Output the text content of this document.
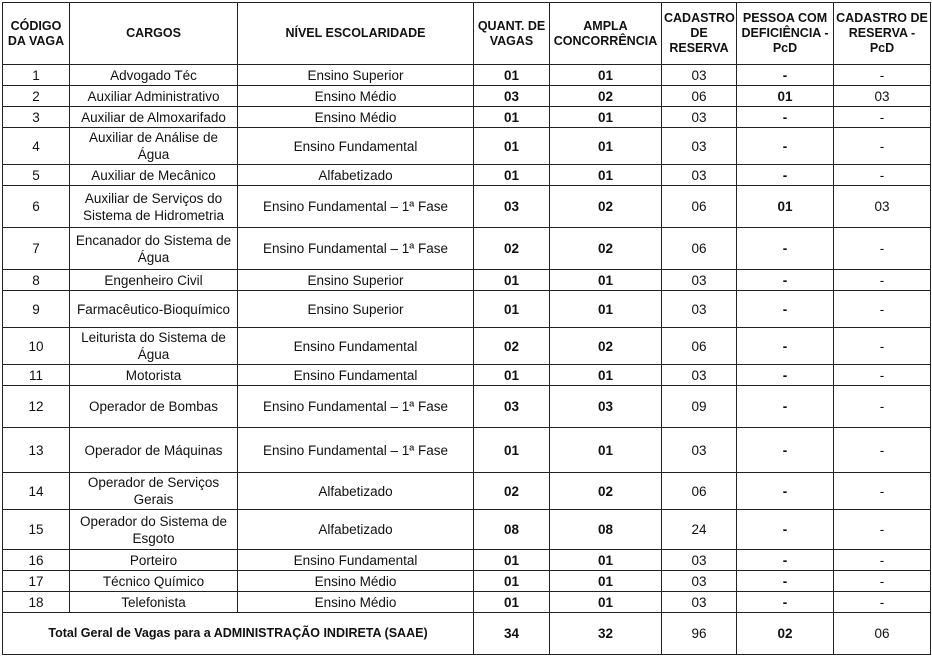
CÓDIGO DA VAGA	CARGOS	NÍVEL ESCOLARIDADE	QUANT. DE VAGAS	AMPLA CONCORRÊNCIA	CADASTRO DE RESERVA	PESSOA COM DEFICIÊNCIA - PcD	CADASTRO DE RESERVA - PcD
1	Advogado Téc	Ensino Superior	01	01	03	-	-
2	Auxiliar Administrativo	Ensino Médio	03	02	06	01	03
3	Auxiliar de Almoxarifado	Ensino Médio	01	01	03	-	-
4	Auxiliar de Análise de Água	Ensino Fundamental	01	01	03	-	-
5	Auxiliar de Mecânico	Alfabetizado	01	01	03	-	-
6	Auxiliar de Serviços do Sistema de Hidrometria	Ensino Fundamental – 1ª Fase	03	02	06	01	03
7	Encanador do Sistema de Água	Ensino Fundamental – 1ª Fase	02	02	06	-	-
8	Engenheiro Civil	Ensino Superior	01	01	03	-	-
9	Farmacêutico-Bioquímico	Ensino Superior	01	01	03	-	-
10	Leiturista do Sistema de Água	Ensino Fundamental	02	02	06	-	-
11	Motorista	Ensino Fundamental	01	01	03	-	-
12	Operador de Bombas	Ensino Fundamental – 1ª Fase	03	03	09	-	-
13	Operador de Máquinas	Ensino Fundamental – 1ª Fase	01	01	03	-	-
14	Operador de Serviços Gerais	Alfabetizado	02	02	06	-	-
15	Operador do Sistema de Esgoto	Alfabetizado	08	08	24	-	-
16	Porteiro	Ensino Fundamental	01	01	03	-	-
17	Técnico Químico	Ensino Médio	01	01	03	-	-
18	Telefonista	Ensino Médio	01	01	03	-	-
Total Geral de Vagas para a ADMINISTRAÇÃO INDIRETA (SAAE)			34	32	96	02	06
